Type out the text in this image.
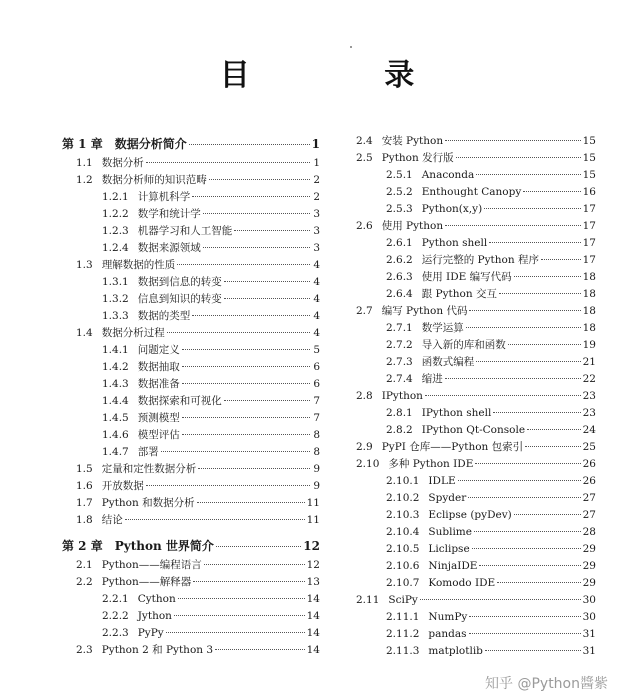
目 录
第 1 章 数据分析简介	1
1.1 数据分析	1
1.2 数据分析师的知识范畴	2
1.2.1 计算机科学	2
1.2.2 数学和统计学	3
1.2.3 机器学习和人工智能	3
1.2.4 数据来源领域	3
1.3 理解数据的性质	4
1.3.1 数据到信息的转变	4
1.3.2 信息到知识的转变	4
1.3.3 数据的类型	4
1.4 数据分析过程	4
1.4.1 问题定义	5
1.4.2 数据抽取	6
1.4.3 数据准备	6
1.4.4 数据探索和可视化	7
1.4.5 预测模型	7
1.4.6 模型评估	8
1.4.7 部署	8
1.5 定量和定性数据分析	9
1.6 开放数据	9
1.7 Python 和数据分析	11
1.8 结论	11
第 2 章 Python 世界简介	12
2.1 Python——编程语言	12
2.2 Python——解释器	13
2.2.1 Cython	14
2.2.2 Jython	14
2.2.3 PyPy	14
2.3 Python 2 和 Python 3	14
2.4 安装 Python	15
2.5 Python 发行版	15
2.5.1 Anaconda	15
2.5.2 Enthought Canopy	16
2.5.3 Python(x,y)	17
2.6 使用 Python	17
2.6.1 Python shell	17
2.6.2 运行完整的 Python 程序	17
2.6.3 使用 IDE 编写代码	18
2.6.4 跟 Python 交互	18
2.7 编写 Python 代码	18
2.7.1 数学运算	18
2.7.2 导入新的库和函数	19
2.7.3 函数式编程	21
2.7.4 缩进	22
2.8 IPython	23
2.8.1 IPython shell	23
2.8.2 IPython Qt-Console	24
2.9 PyPI 仓库——Python 包索引	25
2.10 多种 Python IDE	26
2.10.1 IDLE	26
2.10.2 Spyder	27
2.10.3 Eclipse (pyDev)	27
2.10.4 Sublime	28
2.10.5 Liclipse	29
2.10.6 NinjaIDE	29
2.10.7 Komodo IDE	29
2.11 SciPy	30
2.11.1 NumPy	30
2.11.2 pandas	31
2.11.3 matplotlib	31
知乎 @Python醬紫
